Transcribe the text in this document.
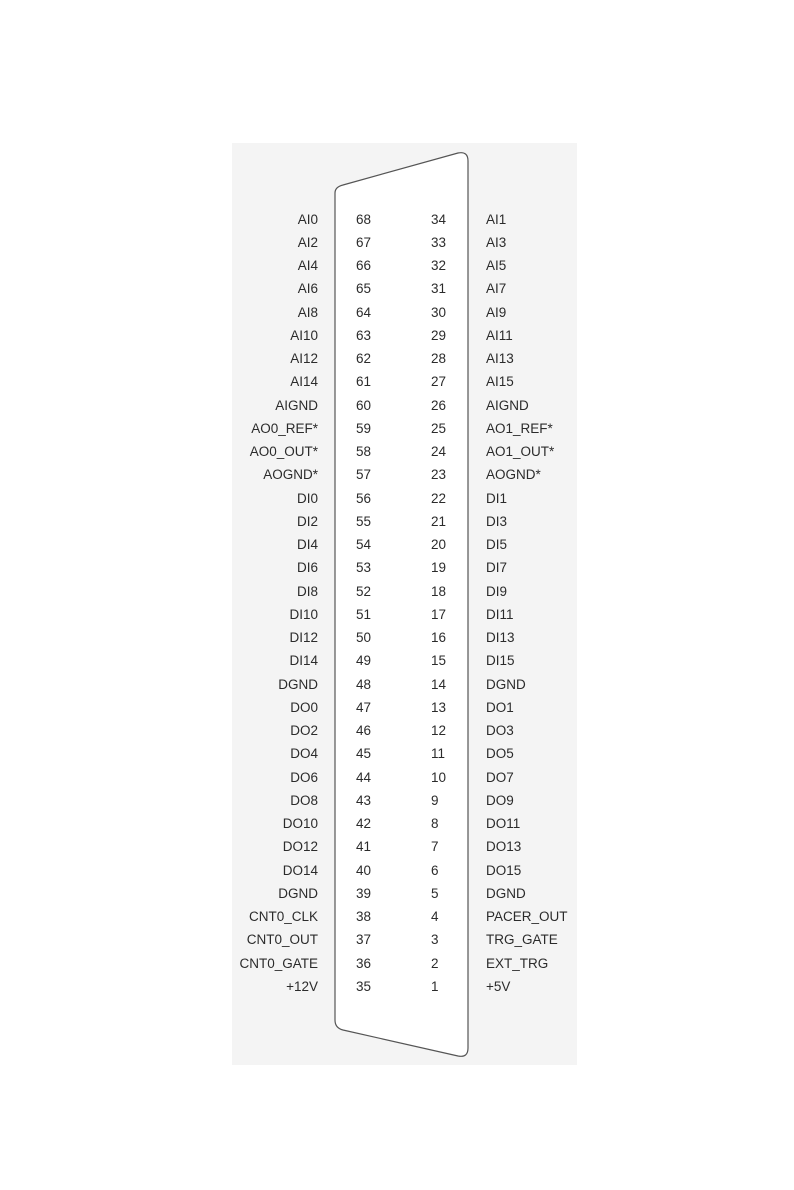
AI0	68	34	AI1
AI2	67	33	AI3
AI4	66	32	AI5
AI6	65	31	AI7
AI8	64	30	AI9
AI10	63	29	AI11
AI12	62	28	AI13
AI14	61	27	AI15
AIGND	60	26	AIGND
AO0_REF*	59	25	AO1_REF*
AO0_OUT*	58	24	AO1_OUT*
AOGND*	57	23	AOGND*
DI0	56	22	DI1
DI2	55	21	DI3
DI4	54	20	DI5
DI6	53	19	DI7
DI8	52	18	DI9
DI10	51	17	DI11
DI12	50	16	DI13
DI14	49	15	DI15
DGND	48	14	DGND
DO0	47	13	DO1
DO2	46	12	DO3
DO4	45	11	DO5
DO6	44	10	DO7
DO8	43	9	DO9
DO10	42	8	DO11
DO12	41	7	DO13
DO14	40	6	DO15
DGND	39	5	DGND
CNT0_CLK	38	4	PACER_OUT
CNT0_OUT	37	3	TRG_GATE
CNT0_GATE	36	2	EXT_TRG
+12V	35	1	+5V
